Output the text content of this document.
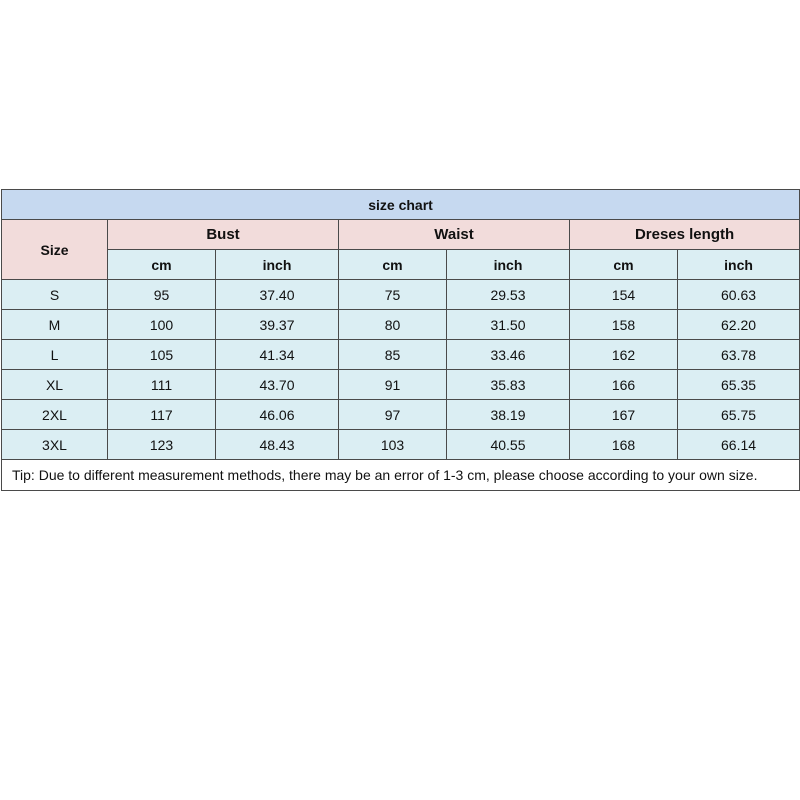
size chart						
Size	Bust		Waist		Dreses length	
	cm	inch	cm	inch	cm	inch
S	95	37.40	75	29.53	154	60.63
M	100	39.37	80	31.50	158	62.20
L	105	41.34	85	33.46	162	63.78
XL	111	43.70	91	35.83	166	65.35
2XL	117	46.06	97	38.19	167	65.75
3XL	123	48.43	103	40.55	168	66.14
Tip: Due to different measurement methods, there may be an error of 1-3 cm, please choose according to your own size.						
